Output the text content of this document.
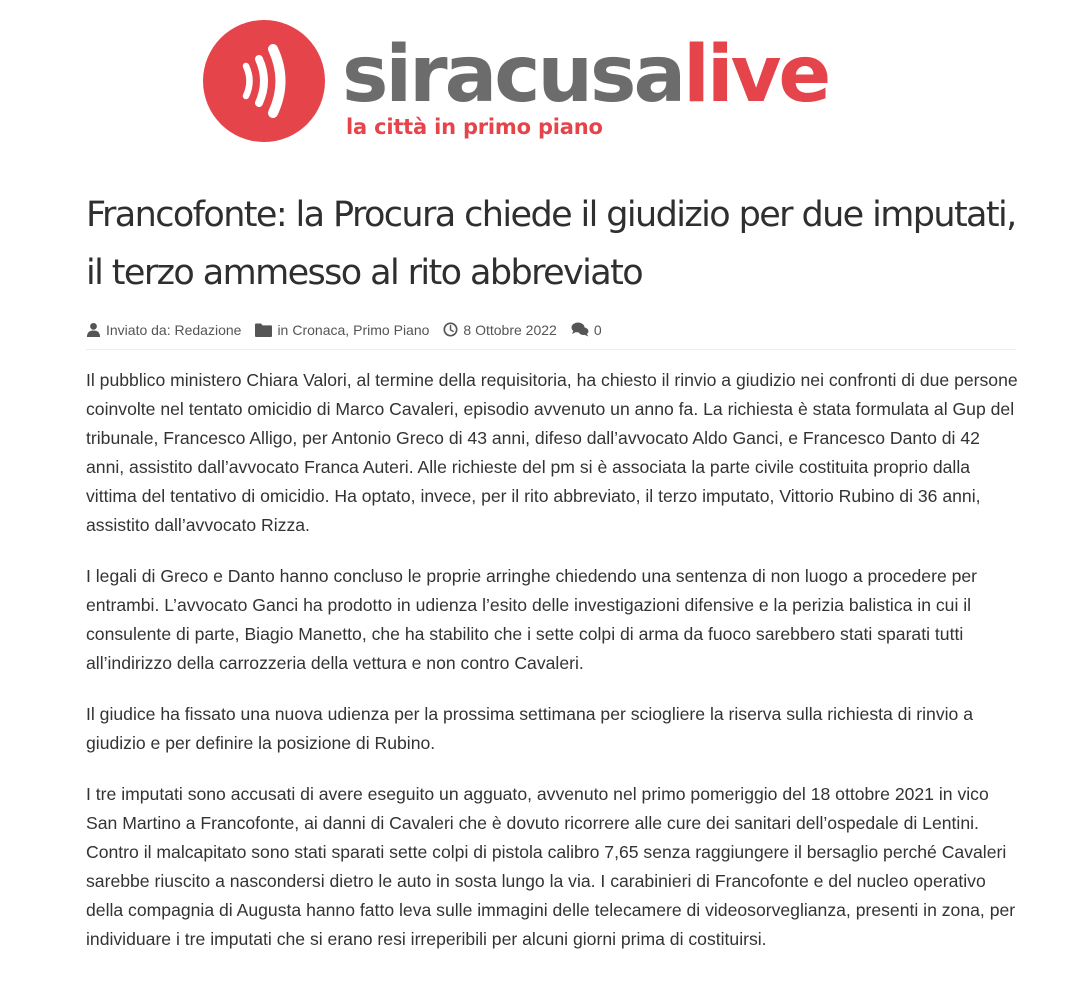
siracusalive
la città in primo piano
Francofonte: la Procura chiede il giudizio per due imputati, il terzo ammesso al rito abbreviato
Inviato da: Redazione	in Cronaca , Primo Piano 8 Ottobre 2022	0

Il pubblico ministero Chiara Valori, al termine della requisitoria, ha chiesto il rinvio a giudizio nei confronti di due persone coinvolte nel tentato omicidio di Marco Cavaleri, episodio avvenuto un anno fa. La richiesta è stata formulata al Gup del tribunale, Francesco Alligo, per Antonio Greco di 43 anni, difeso dall’avvocato Aldo Ganci, e Francesco Danto di 42 anni, assistito dall’avvocato Franca Auteri. Alle richieste del pm si è associata la parte civile costituita proprio dalla vittima del tentativo di omicidio. Ha optato, invece, per il rito abbreviato, il terzo imputato, Vittorio Rubino di 36 anni, assistito dall’avvocato Rizza.

I legali di Greco e Danto hanno concluso le proprie arringhe chiedendo una sentenza di non luogo a procedere per entrambi. L’avvocato Ganci ha prodotto in udienza l’esito delle investigazioni difensive e la perizia balistica in cui il consulente di parte, Biagio Manetto, che ha stabilito che i sette colpi di arma da fuoco sarebbero stati sparati tutti all’indirizzo della carrozzeria della vettura e non contro Cavaleri.

Il giudice ha fissato una nuova udienza per la prossima settimana per sciogliere la riserva sulla richiesta di rinvio a giudizio e per definire la posizione di Rubino.

I tre imputati sono accusati di avere eseguito un agguato, avvenuto nel primo pomeriggio del 18 ottobre 2021 in vico San Martino a Francofonte, ai danni di Cavaleri che è dovuto ricorrere alle cure dei sanitari dell’ospedale di Lentini. Contro il malcapitato sono stati sparati sette colpi di pistola calibro 7,65 senza raggiungere il bersaglio perché Cavaleri sarebbe riuscito a nascondersi dietro le auto in sosta lungo la via. I carabinieri di Francofonte e del nucleo operativo della compagnia di Augusta hanno fatto leva sulle immagini delle telecamere di videosorveglianza, presenti in zona, per individuare i tre imputati che si erano resi irreperibili per alcuni giorni prima di costituirsi.
